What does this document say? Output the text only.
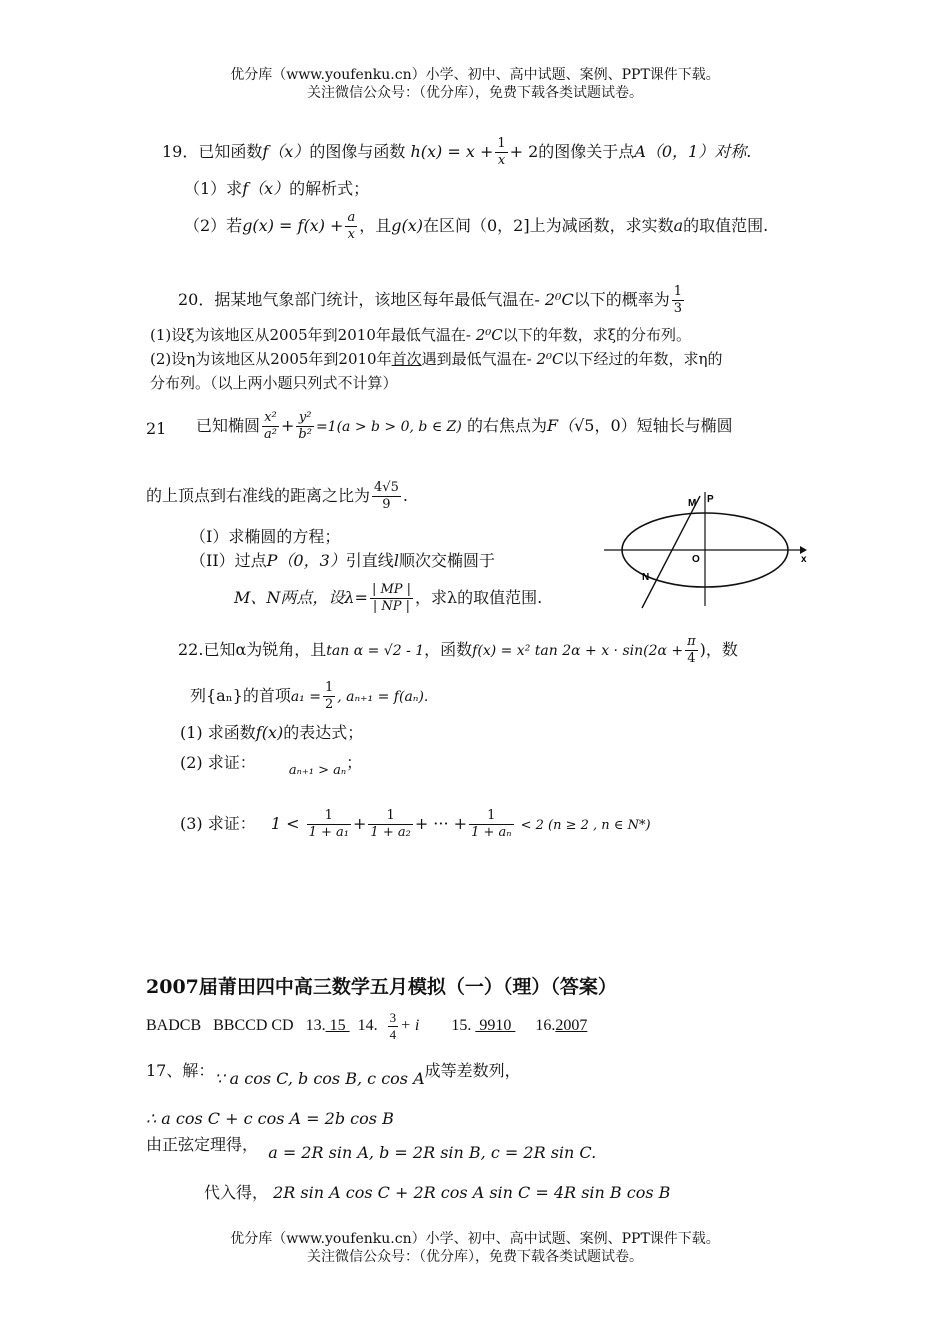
优分库（www.youfenku.cn）小学、初中、高中试题、案例、PPT课件下载。
关注微信公众号：（优分库），免费下载各类试题试卷。
19．已知函数f（x）的图像与函数 $h(x) = x + \frac{1}{x} + 2$的图像关于点A（0，1）对称.
（1）求f（x）的解析式；
（2）若$g(x) = f(x) + \frac{a}{x}$ ，且g(x)在区间（0，2]上为减函数，求实数a的取值范围.
20．据某地气象部门统计，该地区每年最低气温在- 2⁰C以下的概率为 $\frac{1}{3}$
(1)设ξ为该地区从2005年到2010年最低气温在- 2⁰C以下的年数，求ξ的分布列。
(2)设η为该地区从2005年到2010年首次遇到最低气温在- 2⁰C以下经过的年数，求η的
分布列。（以上两小题只列式不计算）
21 已知椭圆 $\frac{\text{x²}}{\text{a²}} + \frac{\text{y²}}{\text{b²}} =1(a > b > 0$, b ∈ Z) 的右焦点为F（√5，0）短轴长与椭圆
的上顶点到右准线的距离之比为 $\frac{4√5}{9}$ .
（I）求椭圆的方程；
（II）过点P（0，3）引直线l顺次交椭圆于
M、N两点，设$\lambda= \frac{| MP |}{| NP |}$ ，求λ的取值范围.
M P
O	x
N
22.已知α为锐角，且tan α = √2 - 1，函数f(x) = x² $\tan 2\alpha + x \cdot \sin(2\alpha + \frac{\pi}{4}$ )，数
列{aₙ}的首项$a_1 = \frac{1}{2}$ , aₙ₊₁ = f(aₙ).
(1) 求函数f(x)的表达式；
(2) 求证：	$_{a_{n+1} > a_n}$；
(3) 求证： $1 < \frac{1}{\text{1 + a₁}} + \frac{1}{\text{1 + a₂}}$ + ··· + $\frac{1}{\text{1 + aₙ}} < 2$ (n ≥ 2 , n ∈ N*)
2007届莆田四中高三数学五月模拟（一）（理）（答案）
BADCB BBCCD CD 13. 15   14. $\frac{3}{4} + i$ 15.  9910      16.2007
17、解：∵ a cos C, b cos B, c cos A成等差数列，
∴ a cos C + c cos A = 2b cos B
由正弦定理得， a = 2R sin A, b = 2R sin B, c = 2R sin C.
代入得， 2R sin A cos C + 2R cos A sin C = 4R sin B cos B
优分库（www.youfenku.cn）小学、初中、高中试题、案例、PPT课件下载。
关注微信公众号：（优分库），免费下载各类试题试卷。
